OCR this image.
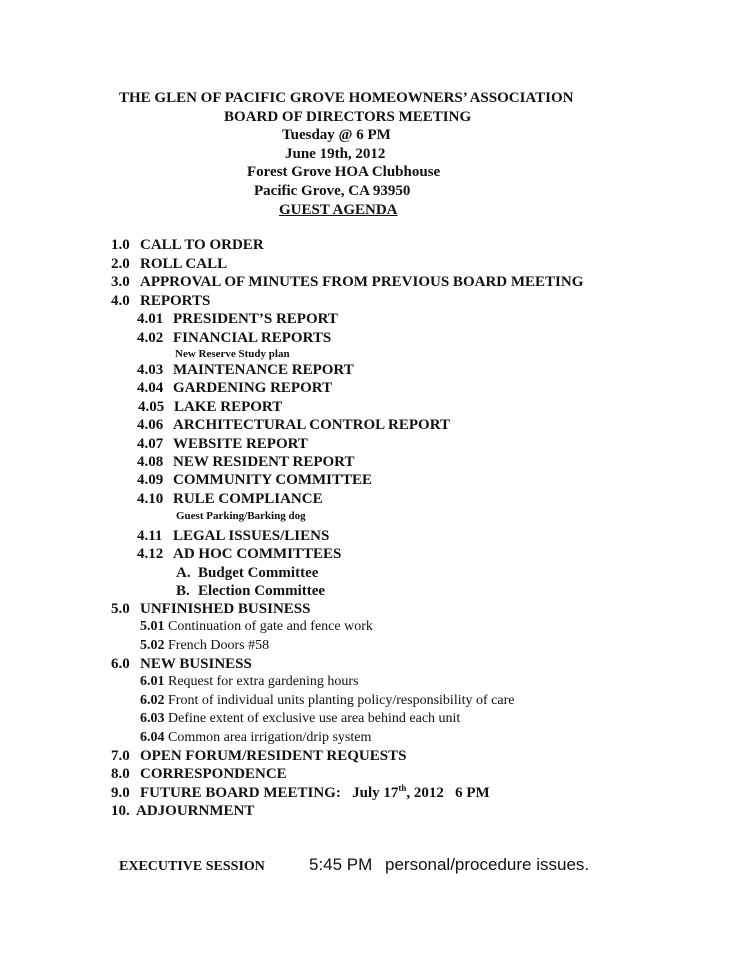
THE GLEN OF PACIFIC GROVE HOMEOWNERS’ ASSOCIATION
BOARD OF DIRECTORS MEETING
Tuesday @ 6 PM
June 19th, 2012
Forest Grove HOA Clubhouse
Pacific Grove, CA 93950
GUEST AGENDA
1.0 CALL TO ORDER
2.0 ROLL CALL
3.0 APPROVAL OF MINUTES FROM PREVIOUS BOARD MEETING
4.0 REPORTS
4.01 PRESIDENT’S REPORT
4.02 FINANCIAL REPORTS
New Reserve Study plan
4.03 MAINTENANCE REPORT
4.04 GARDENING REPORT
4.05 LAKE REPORT
4.06 ARCHITECTURAL CONTROL REPORT
4.07 WEBSITE REPORT
4.08 NEW RESIDENT REPORT
4.09 COMMUNITY COMMITTEE
4.10 RULE COMPLIANCE
Guest Parking/Barking dog
4.11 LEGAL ISSUES/LIENS
4.12 AD HOC COMMITTEES
A. Budget Committee
B. Election Committee
5.0 UNFINISHED BUSINESS
5.01 Continuation of gate and fence work
5.02 French Doors #58
6.0 NEW BUSINESS
6.01 Request for extra gardening hours
6.02 Front of individual units planting policy/responsibility of care
6.03 Define extent of exclusive use area behind each unit
6.04 Common area irrigation/drip system
7.0 OPEN FORUM/RESIDENT REQUESTS
8.0 CORRESPONDENCE
9.0 FUTURE BOARD MEETING: July 17th, 2012 6 PM
10. ADJOURNMENT
EXECUTIVE SESSION	5:45 PM personal/procedure issues.
